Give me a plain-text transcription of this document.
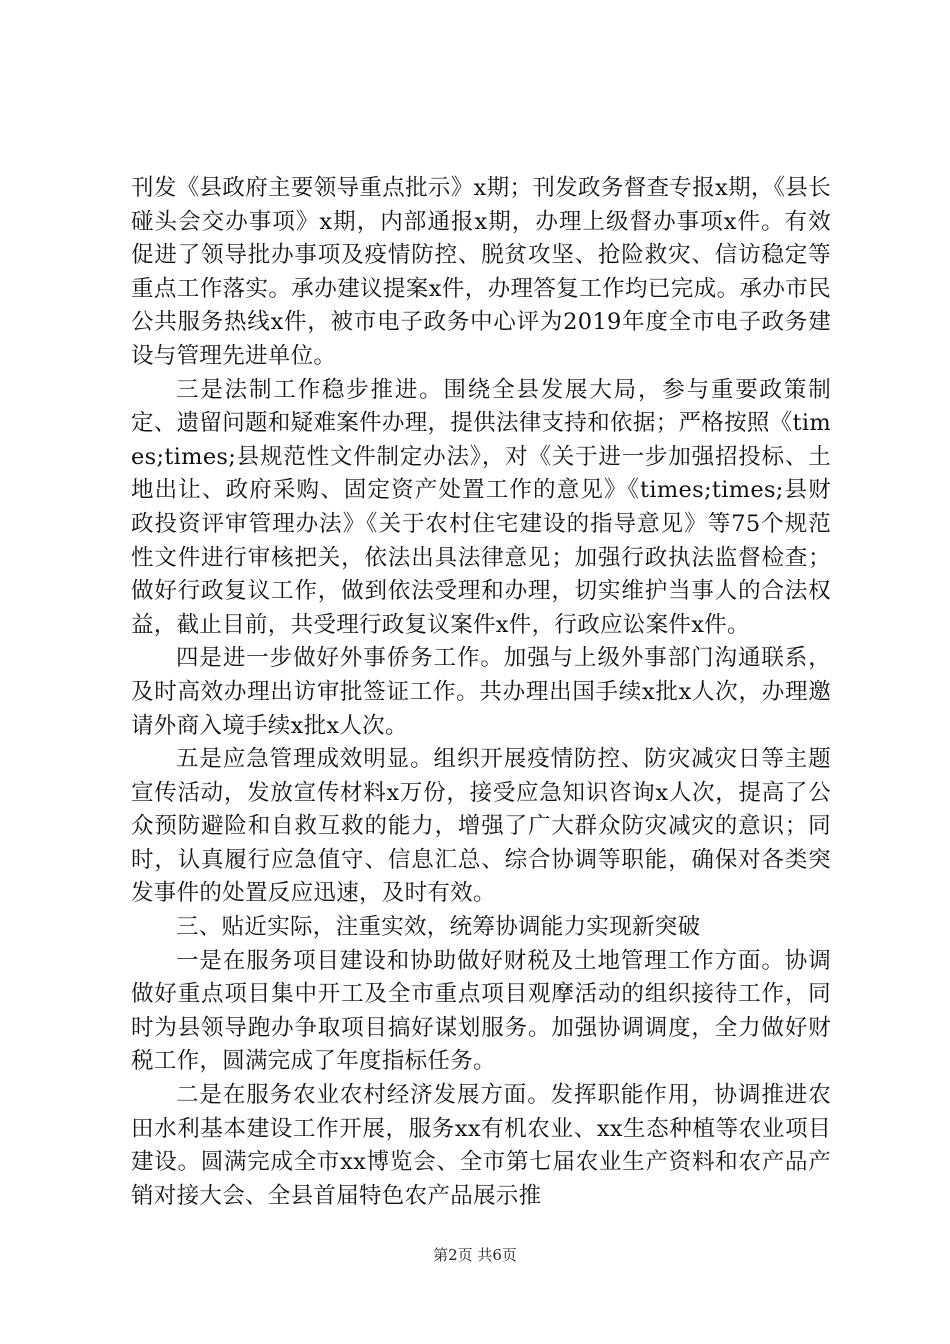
刊发《县政府主要领导重点批示》x期；刊发政务督查专报x期，《县长碰头会交办事项》x期，内部通报x期，办理上级督办事项x件。有效促进了领导批办事项及疫情防控、脱贫攻坚、抢险救灾、信访稳定等重点工作落实。承办建议提案x件，办理答复工作均已完成。承办市民公共服务热线x件，被市电子政务中心评为2019年度全市电子政务建设与管理先进单位。

三是法制工作稳步推进。围绕全县发展大局，参与重要政策制定、遗留问题和疑难案件办理，提供法律支持和依据；严格按照《times;times;县规范性文件制定办法》，对《关于进一步加强招投标、土地出让、政府采购、固定资产处置工作的意见》《times;times;县财政投资评审管理办法》《关于农村住宅建设的指导意见》等75个规范性文件进行审核把关，依法出具法律意见；加强行政执法监督检查；做好行政复议工作，做到依法受理和办理，切实维护当事人的合法权益，截止目前，共受理行政复议案件x件，行政应讼案件x件。

四是进一步做好外事侨务工作。加强与上级外事部门沟通联系，及时高效办理出访审批签证工作。共办理出国手续x批x人次，办理邀请外商入境手续x批x人次。

五是应急管理成效明显。组织开展疫情防控、防灾减灾日等主题宣传活动，发放宣传材料x万份，接受应急知识咨询x人次，提高了公众预防避险和自救互救的能力，增强了广大群众防灾减灾的意识；同时，认真履行应急值守、信息汇总、综合协调等职能，确保对各类突发事件的处置反应迅速，及时有效。

三、贴近实际，注重实效，统筹协调能力实现新突破

一是在服务项目建设和协助做好财税及土地管理工作方面。协调做好重点项目集中开工及全市重点项目观摩活动的组织接待工作，同时为县领导跑办争取项目搞好谋划服务。加强协调调度，全力做好财税工作，圆满完成了年度指标任务。

二是在服务农业农村经济发展方面。发挥职能作用，协调推进农田水利基本建设工作开展，服务xx有机农业、xx生态种植等农业项目建设。圆满完成全市xx博览会、全市第七届农业生产资料和农产品产销对接大会、全县首届特色农产品展示推

第2页 共6页
